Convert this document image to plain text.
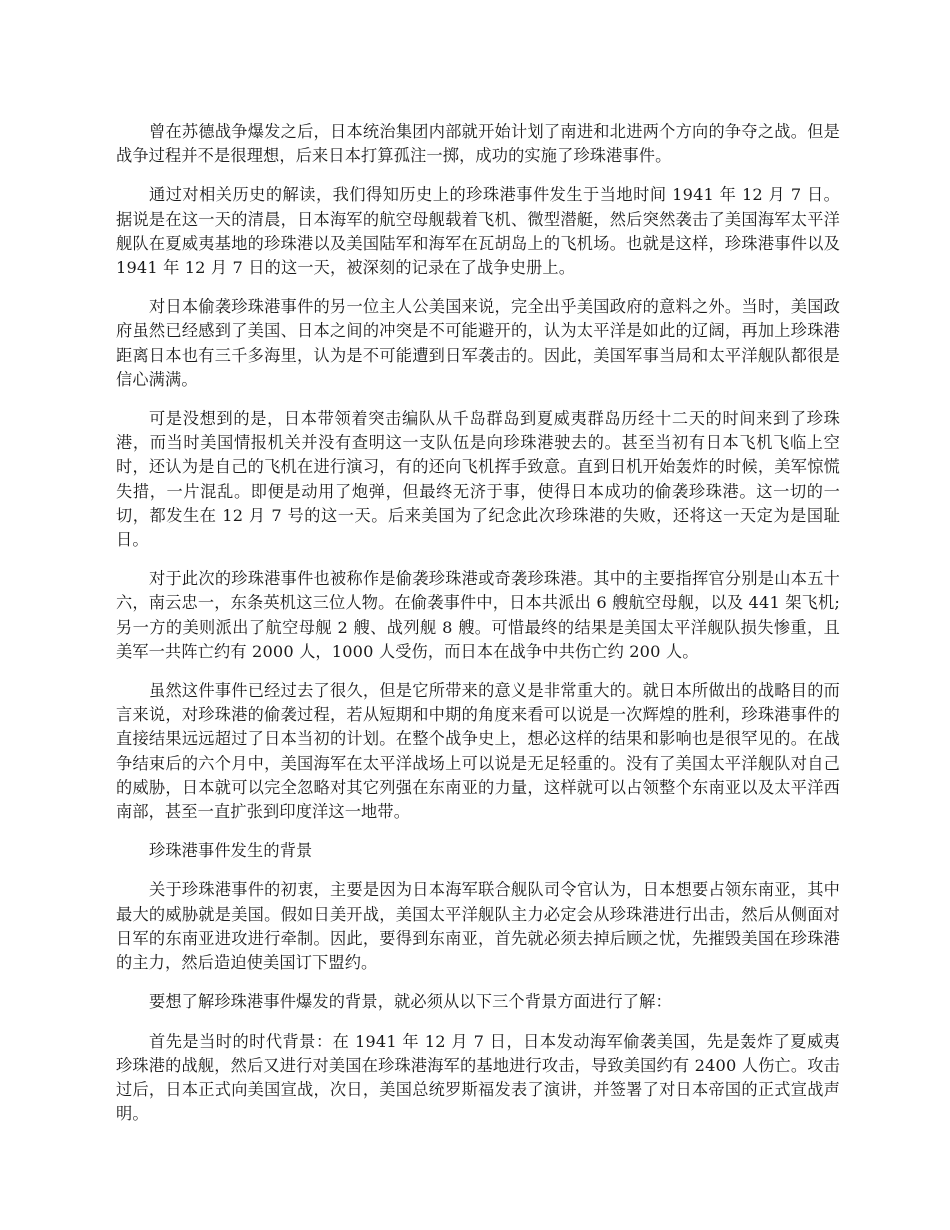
曾在苏德战争爆发之后，日本统治集团内部就开始计划了南进和北进两个方向的争夺之战。但是战争过程并不是很理想，后来日本打算孤注一掷，成功的实施了珍珠港事件。

通过对相关历史的解读，我们得知历史上的珍珠港事件发生于当地时间 1941 年 12 月 7 日。据说是在这一天的清晨，日本海军的航空母舰载着飞机、微型潜艇，然后突然袭击了美国海军太平洋舰队在夏威夷基地的珍珠港以及美国陆军和海军在瓦胡岛上的飞机场。也就是这样，珍珠港事件以及 1941 年 12 月 7 日的这一天，被深刻的记录在了战争史册上。

对日本偷袭珍珠港事件的另一位主人公美国来说，完全出乎美国政府的意料之外。当时，美国政府虽然已经感到了美国、日本之间的冲突是不可能避开的，认为太平洋是如此的辽阔，再加上珍珠港距离日本也有三千多海里，认为是不可能遭到日军袭击的。因此，美国军事当局和太平洋舰队都很是信心满满。

可是没想到的是，日本带领着突击编队从千岛群岛到夏威夷群岛历经十二天的时间来到了珍珠港，而当时美国情报机关并没有查明这一支队伍是向珍珠港驶去的。甚至当初有日本飞机飞临上空时，还认为是自己的飞机在进行演习，有的还向飞机挥手致意。直到日机开始轰炸的时候，美军惊慌失措，一片混乱。即便是动用了炮弹，但最终无济于事，使得日本成功的偷袭珍珠港。这一切的一切，都发生在 12 月 7 号的这一天。后来美国为了纪念此次珍珠港的失败，还将这一天定为是国耻日。

对于此次的珍珠港事件也被称作是偷袭珍珠港或奇袭珍珠港。其中的主要指挥官分别是山本五十六，南云忠一，东条英机这三位人物。在偷袭事件中，日本共派出 6 艘航空母舰，以及 441 架飞机;另一方的美则派出了航空母舰 2 艘、战列舰 8 艘。可惜最终的结果是美国太平洋舰队损失惨重，且美军一共阵亡约有 2000 人，1000 人受伤，而日本在战争中共伤亡约 200 人。

虽然这件事件已经过去了很久，但是它所带来的意义是非常重大的。就日本所做出的战略目的而言来说，对珍珠港的偷袭过程，若从短期和中期的角度来看可以说是一次辉煌的胜利，珍珠港事件的直接结果远远超过了日本当初的计划。在整个战争史上，想必这样的结果和影响也是很罕见的。在战争结束后的六个月中，美国海军在太平洋战场上可以说是无足轻重的。没有了美国太平洋舰队对自己的威胁，日本就可以完全忽略对其它列强在东南亚的力量，这样就可以占领整个东南亚以及太平洋西南部，甚至一直扩张到印度洋这一地带。

珍珠港事件发生的背景

关于珍珠港事件的初衷，主要是因为日本海军联合舰队司令官认为，日本想要占领东南亚，其中最大的威胁就是美国。假如日美开战，美国太平洋舰队主力必定会从珍珠港进行出击，然后从侧面对日军的东南亚进攻进行牵制。因此，要得到东南亚，首先就必须去掉后顾之忧，先摧毁美国在珍珠港的主力，然后造迫使美国订下盟约。

要想了解珍珠港事件爆发的背景，就必须从以下三个背景方面进行了解：

首先是当时的时代背景：在 1941 年 12 月 7 日，日本发动海军偷袭美国，先是轰炸了夏威夷珍珠港的战舰，然后又进行对美国在珍珠港海军的基地进行攻击，导致美国约有 2400 人伤亡。攻击过后，日本正式向美国宣战，次日，美国总统罗斯福发表了演讲，并签署了对日本帝国的正式宣战声明。
